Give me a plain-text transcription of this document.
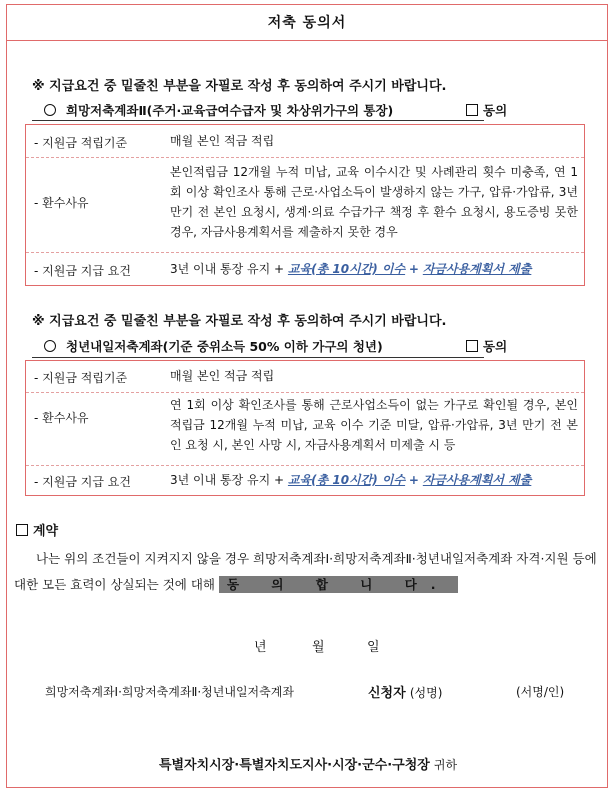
저축 동의서
※ 지급요건 중 밑줄친 부분을 자필로 작성 후 동의하여 주시기 바랍니다.
희망저축계좌Ⅱ(주거·교육급여수급자 및 차상위가구의 통장)	동의
- 지원금 적립기준	매월 본인 적금 적립
- 환수사유
본인적립금 12개월 누적 미납, 교육 이수시간 및 사례관리 횟수 미충족, 연 1회 이상 확인조사 통해 근로·사업소득이 발생하지 않는 가구, 압류·가압류, 3년만기 전 본인 요청시, 생계·의료 수급가구 책정 후 환수 요청시, 용도증빙 못한 경우, 자금사용계획서를 제출하지 못한 경우
- 지원금 지급 요건	3년 이내 통장 유지 + 교육(총 10시간) 이수 + 자금사용계획서 제출
※ 지급요건 중 밑줄친 부분을 자필로 작성 후 동의하여 주시기 바랍니다.
청년내일저축계좌(기준 중위소득 50% 이하 가구의 청년)	동의
- 지원금 적립기준	매월 본인 적금 적립
- 환수사유
연 1회 이상 확인조사를 통해 근로사업소득이 없는 가구로 확인될 경우, 본인적립금 12개월 누적 미납, 교육 이수 기준 미달, 압류·가압류, 3년 만기 전 본인 요청 시, 본인 사망 시, 자금사용계획서 미제출 시 등
- 지원금 지급 요건	3년 이내 통장 유지 + 교육(총 10시간) 이수 + 자금사용계획서 제출
계약
나는 위의 조건들이 지켜지지 않을 경우 희망저축계좌Ⅰ·희망저축계좌Ⅱ·청년내일저축계좌 자격·지원 등에 대한 모든 효력이 상실되는 것에 대해 동 의 합 니 다.
년	월	일
희망저축계좌Ⅰ·희망저축계좌Ⅱ·청년내일저축계좌	신청자 (성명)	(서명/인)
특별자치시장·특별자치도지사·시장·군수·구청장 귀하
